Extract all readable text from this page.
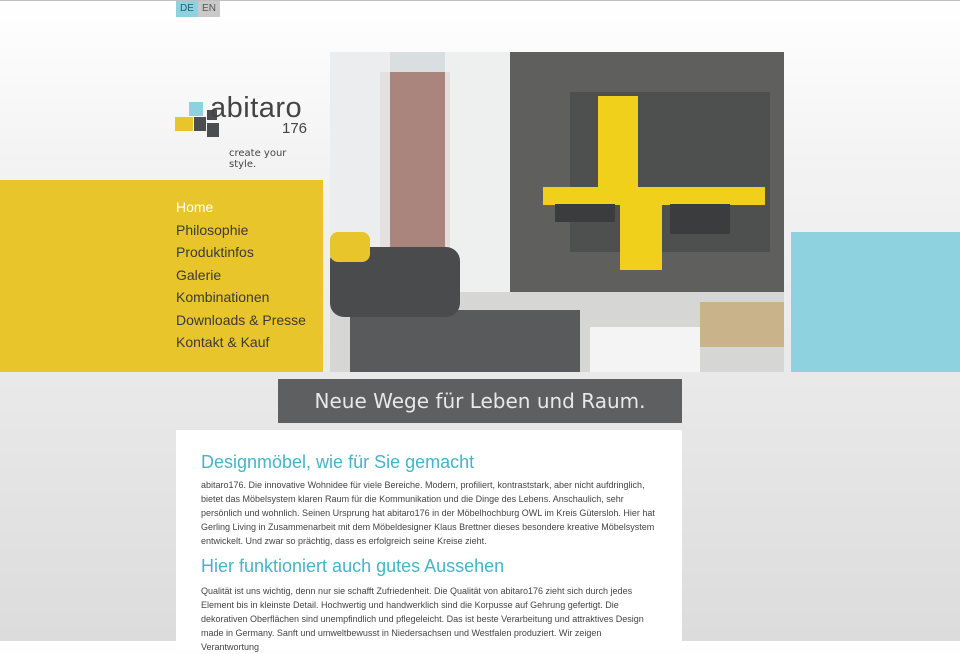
DE EN
abitaro
176
create your style.
Home
Philosophie
Produktinfos
Galerie
Kombinationen
Downloads & Presse
Kontakt & Kauf
Neue Wege für Leben und Raum.
Designmöbel, wie für Sie gemacht

abitaro176. Die innovative Wohnidee für viele Bereiche. Modern, profiliert, kontraststark, aber nicht aufdringlich, bietet das Möbelsystem klaren Raum für die Kommunikation und die Dinge des Lebens. Anschaulich, sehr persönlich und wohnlich. Seinen Ursprung hat abitaro176 in der Möbelhochburg OWL im Kreis Gütersloh. Hier hat Gerling Living in Zusammenarbeit mit dem Möbeldesigner Klaus Brettner dieses besondere kreative Möbelsystem entwickelt. Und zwar so prächtig, dass es erfolgreich seine Kreise zieht.

Hier funktioniert auch gutes Aussehen

Qualität ist uns wichtig, denn nur sie schafft Zufriedenheit. Die Qualität von abitaro176 zieht sich durch jedes Element bis in kleinste Detail. Hochwertig und handwerklich sind die Korpusse auf Gehrung gefertigt. Die dekorativen Oberflächen sind unempfindlich und pflegeleicht. Das ist beste Verarbeitung und attraktives Design made in Germany. Sanft und umweltbewusst in Niedersachsen und Westfalen produziert. Wir zeigen Verantwortung
